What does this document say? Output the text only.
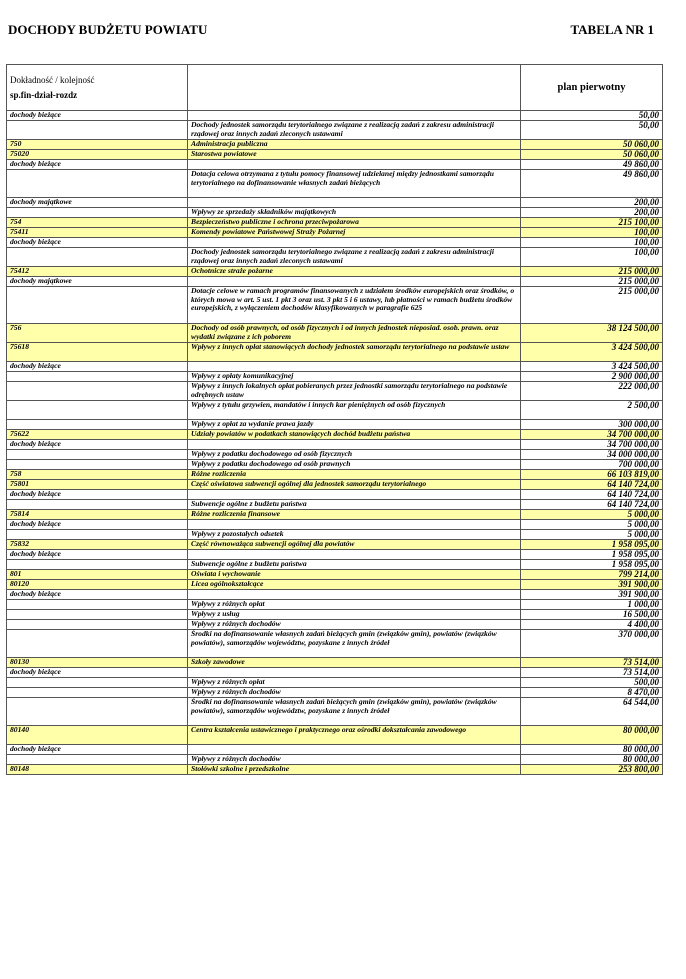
DOCHODY BUDŻETU POWIATU	TABELA NR 1
Dokładność / kolejność
sp.fin-dział-rozdz		plan pierwotny
dochody bieżące		50,00
	Dochody jednostek samorządu terytorialnego związane z realizacją zadań z zakresu administracji rządowej oraz innych zadań zleconych ustawami	50,00
750	Administracja publiczna	50 060,00
75020	Starostwa powiatowe	50 060,00
dochody bieżące		49 860,00
	Dotacja celowa otrzymana z tytułu pomocy finansowej udzielanej między jednostkami samorządu terytorialnego na dofinansowanie własnych zadań bieżących	49 860,00
dochody majątkowe		200,00
	Wpływy ze sprzedaży składników majątkowych	200,00
754	Bezpieczeństwo publiczne i ochrona przeciwpożarowa	215 100,00
75411	Komendy powiatowe Państwowej Straży Pożarnej	100,00
dochody bieżące		100,00
	Dochody jednostek samorządu terytorialnego związane z realizacją zadań z zakresu administracji rządowej oraz innych zadań zleconych ustawami	100,00
75412	Ochotnicze straże pożarne	215 000,00
dochody majątkowe		215 000,00
	Dotacje celowe w ramach programów finansowanych z udziałem środków europejskich oraz środków, o których mowa w art. 5 ust. 1 pkt 3 oraz ust. 3 pkt 5 i 6 ustawy, lub płatności w ramach budżetu środków europejskich, z wyłączeniem dochodów klasyfikowanych w paragrafie 625	215 000,00
756	Dochody od osób prawnych, od osób fizycznych i od innych jednostek nieposiad. osob. prawn. oraz wydatki związane z ich poborem	38 124 500,00
75618	Wpływy z innych opłat stanowiących dochody jednostek samorządu terytorialnego na podstawie ustaw	3 424 500,00
dochody bieżące		3 424 500,00
	Wpływy z opłaty komunikacyjnej	2 900 000,00
	Wpływy z innych lokalnych opłat pobieranych przez jednostki samorządu terytorialnego na podstawie odrębnych ustaw	222 000,00
	Wpływy z tytułu grzywien, mandatów i innych kar pieniężnych od osób fizycznych	2 500,00
	Wpływy z opłat za wydanie prawa jazdy	300 000,00
75622	Udziały powiatów w podatkach stanowiących dochód budżetu państwa	34 700 000,00
dochody bieżące		34 700 000,00
	Wpływy z podatku dochodowego od osób fizycznych	34 000 000,00
	Wpływy z podatku dochodowego od osób prawnych	700 000,00
758	Różne rozliczenia	66 103 819,00
75801	Część oświatowa subwencji ogólnej dla jednostek samorządu terytorialnego	64 140 724,00
dochody bieżące		64 140 724,00
	Subwencje ogólne z budżetu państwa	64 140 724,00
75814	Różne rozliczenia finansowe	5 000,00
dochody bieżące		5 000,00
	Wpływy z pozostałych odsetek	5 000,00
75832	Część równoważąca subwencji ogólnej dla powiatów	1 958 095,00
dochody bieżące		1 958 095,00
	Subwencje ogólne z budżetu państwa	1 958 095,00
801	Oświata i wychowanie	799 214,00
80120	Licea ogólnokształcące	391 900,00
dochody bieżące		391 900,00
	Wpływy z różnych opłat	1 000,00
	Wpływy z usług	16 500,00
	Wpływy z różnych dochodów	4 400,00
	Środki na dofinansowanie własnych zadań bieżących gmin (związków gmin), powiatów (związków powiatów), samorządów województw, pozyskane z innych źródeł	370 000,00
80130	Szkoły zawodowe	73 514,00
dochody bieżące		73 514,00
	Wpływy z różnych opłat	500,00
	Wpływy z różnych dochodów	8 470,00
	Środki na dofinansowanie własnych zadań bieżących gmin (związków gmin), powiatów (związków powiatów), samorządów województw, pozyskane z innych źródeł	64 544,00
80140	Centra kształcenia ustawicznego i praktycznego oraz ośrodki dokształcania zawodowego	80 000,00
dochody bieżące		80 000,00
	Wpływy z różnych dochodów	80 000,00
80148	Stołówki szkolne i przedszkolne	253 800,00
